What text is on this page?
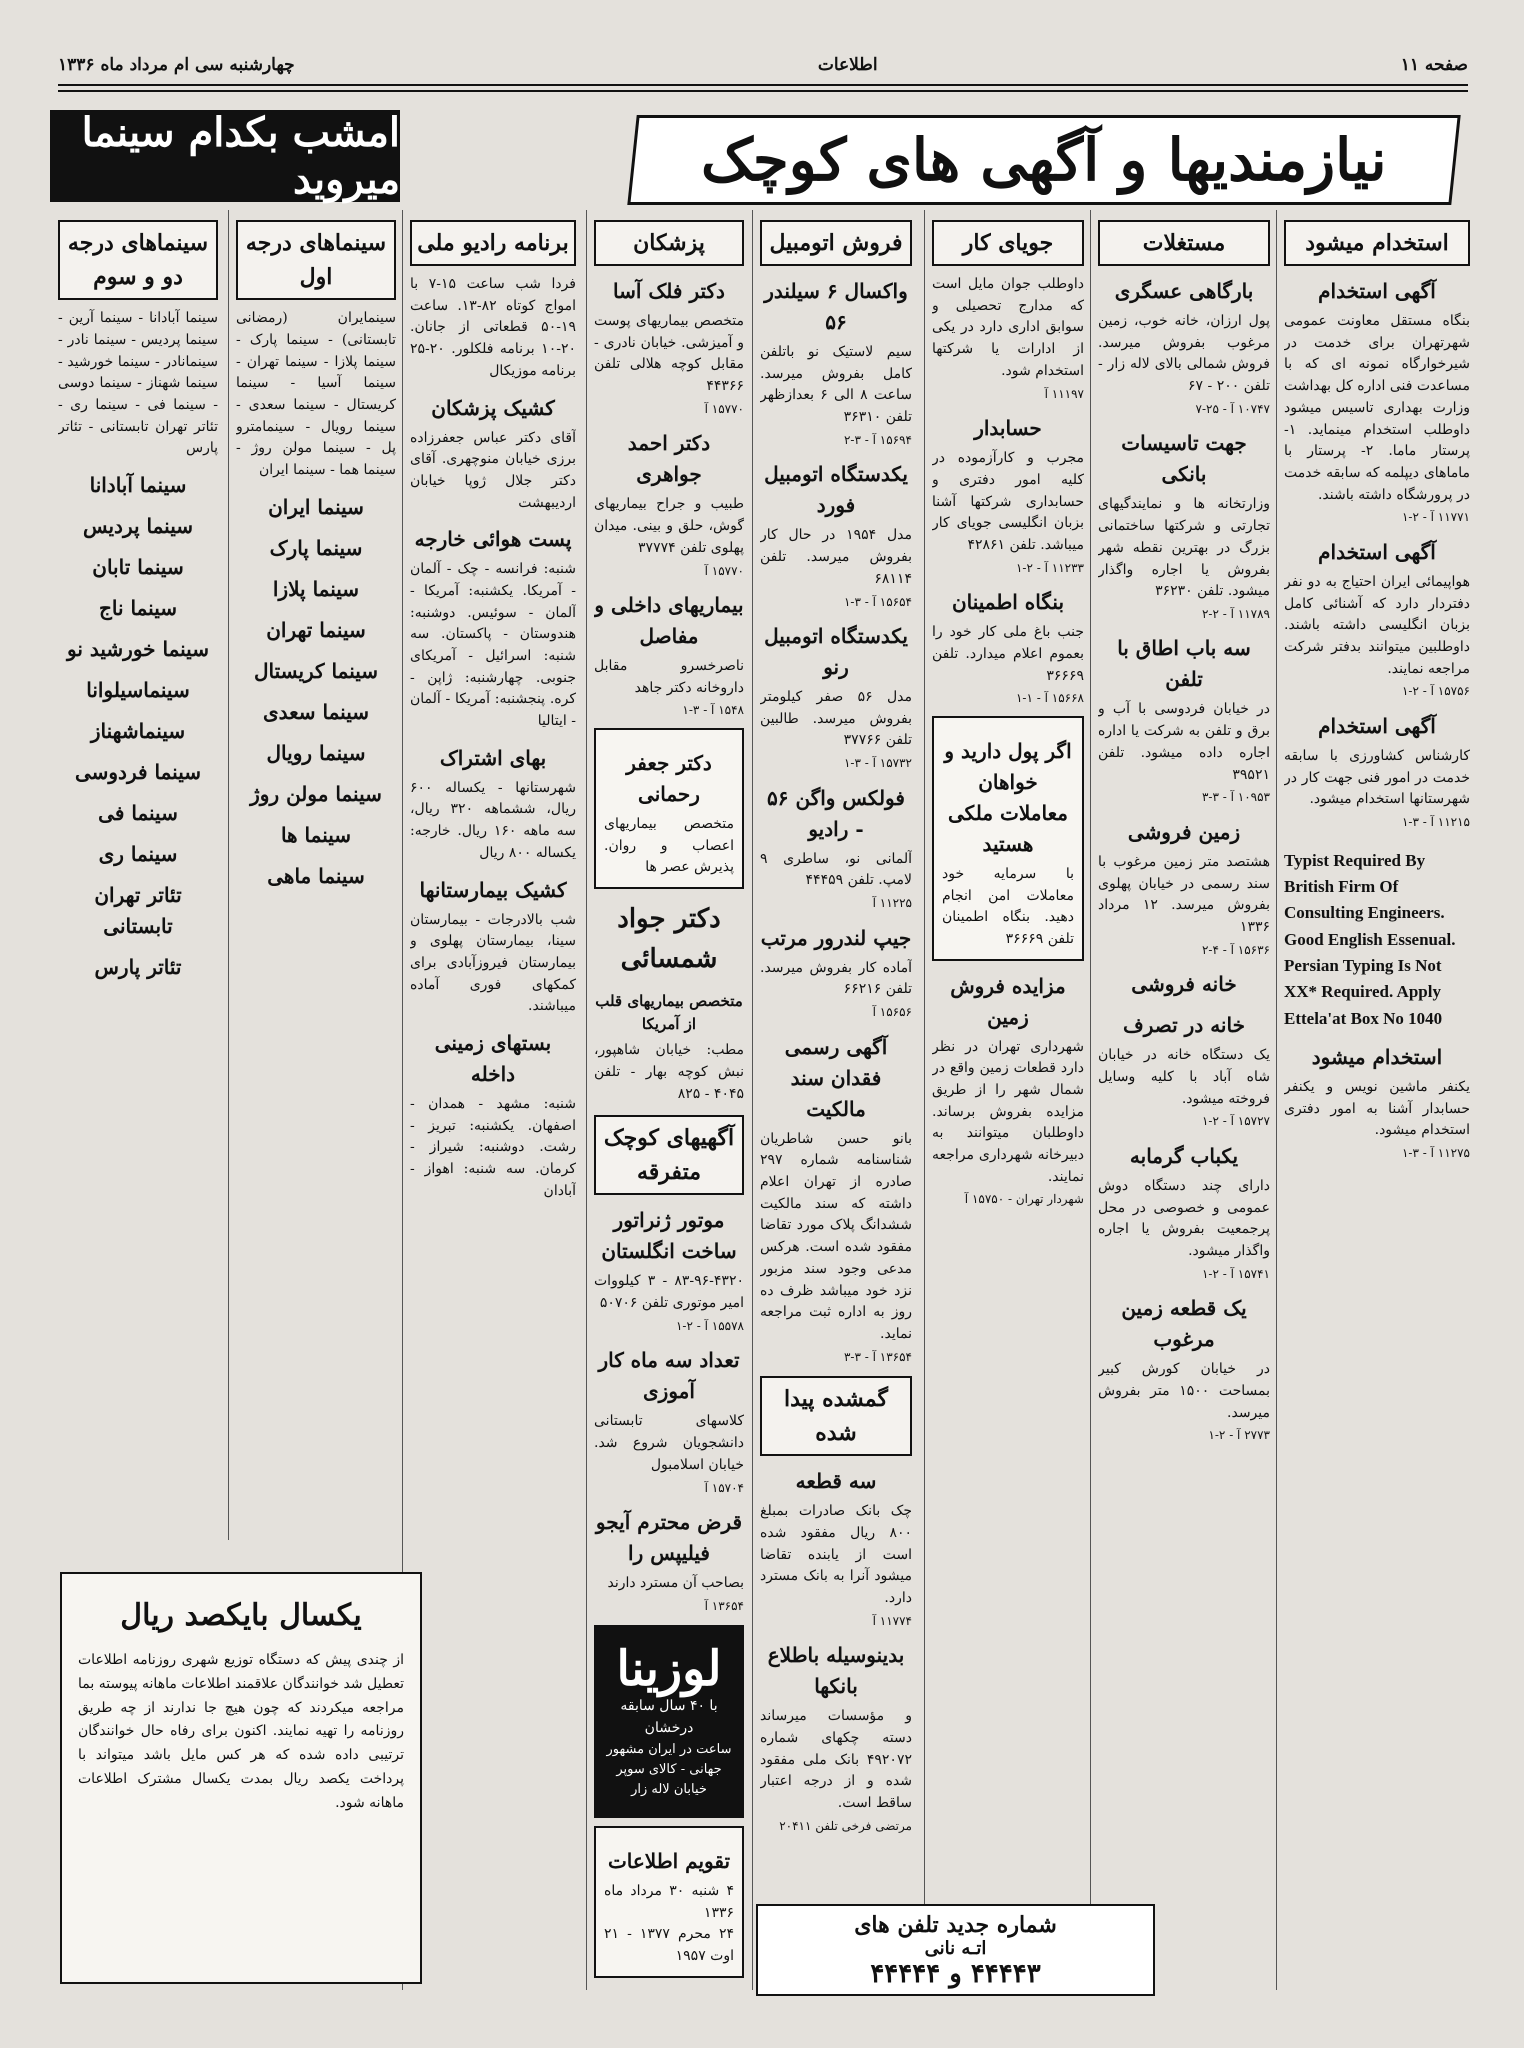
صفحه ۱۱
اطلاعات
چهارشنبه سی ام مرداد ماه ۱۳۳۶
نیازمندیها و آگهی های کوچک
امشب بکدام سینما میروید
استخدام میشود
آگهی استخدام
بنگاه مستقل معاونت عمومی شهرتهران برای خدمت در شیرخوارگاه نمونه ای که با مساعدت فنی اداره کل بهداشت وزارت بهداری تاسیس میشود داوطلب استخدام مینماید. ۱- پرستار ماما. ۲- پرستار با ماماهای دیپلمه که سابقه خدمت در پرورشگاه داشته باشند.
۱۱۷۷۱ آ - ۲-۱
آگهی استخدام
هواپیمائی ایران احتیاج به دو نفر دفتردار دارد که آشنائی کامل بزبان انگلیسی داشته باشند. داوطلبین میتوانند بدفتر شرکت مراجعه نمایند.
۱۵۷۵۶ آ - ۲-۱
آگهی استخدام
کارشناس کشاورزی با سابقه خدمت در امور فنی جهت کار در شهرستانها استخدام میشود.
۱۱۲۱۵ آ - ۳-۱
Typist Required By British Firm Of Consulting Engineers. Good English Essenual. Persian Typing Is Not XX* Required. Apply Ettela'at Box No 1040
استخدام میشود
یکنفر ماشین نویس و یکنفر حسابدار آشنا به امور دفتری استخدام میشود.
۱۱۲۷۵ آ - ۳-۱
مستغلات
بارگاهی عسگری
پول ارزان، خانه خوب، زمین مرغوب بفروش میرسد. فروش شمالی بالای لاله زار - تلفن ۲۰۰ - ۶۷
۱۰۷۴۷ آ - ۲۵-۷
جهت تاسیسات بانکی
وزارتخانه ها و نمایندگیهای تجارتی و شرکتها ساختمانی بزرگ در بهترین نقطه شهر بفروش یا اجاره واگذار میشود. تلفن ۳۶۲۳۰
۱۱۷۸۹ آ - ۲-۲
سه باب اطاق با تلفن
در خیابان فردوسی با آب و برق و تلفن به شرکت یا اداره اجاره داده میشود. تلفن ۳۹۵۲۱
۱۰۹۵۳ آ - ۳-۳
زمین فروشی
هشتصد متر زمین مرغوب با سند رسمی در خیابان پهلوی بفروش میرسد. ۱۲ مرداد ۱۳۳۶
۱۵۶۳۶ آ - ۴-۲
خانه فروشی
خانه در تصرف
یک دستگاه خانه در خیابان شاه آباد با کلیه وسایل فروخته میشود.
۱۵۷۲۷ آ - ۲-۱
یکباب گرمابه
دارای چند دستگاه دوش عمومی و خصوصی در محل پرجمعیت بفروش یا اجاره واگذار میشود.
۱۵۷۴۱ آ - ۲-۱
یک قطعه زمین مرغوب
در خیابان کورش کبیر بمساحت ۱۵۰۰ متر بفروش میرسد.
۲۷۷۳ آ - ۲-۱
جویای کار
داوطلب جوان مایل است که مدارج تحصیلی و سوابق اداری دارد در یکی از ادارات یا شرکتها استخدام شود.
۱۱۱۹۷ آ
حسابدار
مجرب و کارآزموده در کلیه امور دفتری و حسابداری شرکتها آشنا بزبان انگلیسی جویای کار میباشد. تلفن ۴۲۸۶۱
۱۱۲۳۳ آ - ۲-۱
بنگاه اطمینان
جنب باغ ملی کار خود را بعموم اعلام میدارد. تلفن ۳۶۶۶۹
۱۵۶۶۸ آ - ۱-۱
اگر پول دارید و خواهان معاملات ملکی هستید
با سرمایه خود معاملات امن انجام دهید. بنگاه اطمینان تلفن ۳۶۶۶۹
مزایده فروش زمین
شهرداری تهران در نظر دارد قطعات زمین واقع در شمال شهر را از طریق مزایده بفروش برساند. داوطلبان میتوانند به دبیرخانه شهرداری مراجعه نمایند.
شهردار تهران - ۱۵۷۵۰ آ
فروش اتومبیل
واکسال ۶ سیلندر ۵۶
سیم لاستیک نو باتلفن کامل بفروش میرسد. ساعت ۸ الی ۶ بعدازظهر تلفن ۳۶۳۱۰
۱۵۶۹۴ آ - ۳-۲
یکدستگاه اتومبیل فورد
مدل ۱۹۵۴ در حال کار بفروش میرسد. تلفن ۶۸۱۱۴
۱۵۶۵۴ آ - ۳-۱
یکدستگاه اتومبیل رنو
مدل ۵۶ صفر کیلومتر بفروش میرسد. طالبین تلفن ۳۷۷۶۶
۱۵۷۳۲ آ - ۳-۱
فولکس واگن ۵۶ - رادیو
آلمانی نو، ساطری ۹ لامپ. تلفن ۴۴۴۵۹
۱۱۲۲۵ آ
جیپ لندرور مرتب
آماده کار بفروش میرسد. تلفن ۶۶۲۱۶
۱۵۶۵۶ آ
آگهی رسمی فقدان سند مالکیت
بانو حسن شاطریان شناسنامه شماره ۲۹۷ صادره از تهران اعلام داشته که سند مالکیت ششدانگ پلاک مورد تقاضا مفقود شده است. هرکس مدعی وجود سند مزبور نزد خود میباشد ظرف ده روز به اداره ثبت مراجعه نماید.
۱۳۶۵۴ آ - ۳-۳
گمشده پیدا شده
سه قطعه
چک بانک صادرات بمبلغ ۸۰۰ ریال مفقود شده است از یابنده تقاضا میشود آنرا به بانک مسترد دارد.
۱۱۷۷۴ آ
بدینوسیله باطلاع بانکها
و مؤسسات میرساند دسته چکهای شماره ۴۹۲۰۷۲ بانک ملی مفقود شده و از درجه اعتبار ساقط است.
مرتضی فرخی تلفن ۲۰۴۱۱
پزشکان
دکتر فلک آسا
متخصص بیماریهای پوست و آمیزشی. خیابان نادری - مقابل کوچه هلالی تلفن ۴۴۳۶۶
۱۵۷۷۰ آ
دکتر احمد جواهری
طبیب و جراح بیماریهای گوش، حلق و بینی. میدان پهلوی تلفن ۳۷۷۷۴
۱۵۷۷۰ آ
بیماریهای داخلی و مفاصل
ناصرخسرو مقابل داروخانه دکتر جاهد
۱۵۴۸ آ - ۳-۱
دکتر جعفر رحمانی
متخصص بیماریهای اعصاب و روان. پذیرش عصر ها
دکتر جواد شمسائی
متخصص بیماریهای قلب از آمریکا
مطب: خیابان شاهپور، نبش کوچه بهار - تلفن ۴۰۴۵ - ۸۲۵
آگهیهای کوچک متفرقه
موتور ژنراتور ساخت انگلستان
۸۳-۹۶-۴۳۲۰ - ۳ کیلووات امیر موتوری تلفن ۵۰۷۰۶
۱۵۵۷۸ آ - ۲-۱
تعداد سه ماه کار آموزی
کلاسهای تابستانی دانشجویان شروع شد. خیابان اسلامبول
۱۵۷۰۴ آ
قرض محترم آیجو فیلیپس را
بصاحب آن مسترد دارند
۱۳۶۵۴ آ
لوزینا
با ۴۰ سال سابقه درخشان
ساعت در ایران مشهور جهانی - کالای سوپر خیابان لاله زار
تقویم اطلاعات
۴ شنبه ۳۰ مرداد ماه ۱۳۳۶
۲۴ محرم ۱۳۷۷ - ۲۱ اوت ۱۹۵۷
برنامه رادیو ملی
فردا شب ساعت ۱۵-۷ با امواج کوتاه ۸۲-۱۳. ساعت ۱۹-۵۰ قطعاتی از جانان. ۲۰-۱۰ برنامه فلکلور. ۲۰-۲۵ برنامه موزیکال
کشیک پزشکان
آقای دکتر عباس جعفرزاده برزی خیابان منوچهری. آقای دکتر جلال ژوپا خیابان اردیبهشت
پست هوائی خارجه
شنبه: فرانسه - چک - آلمان - آمریکا. یکشنبه: آمریکا - آلمان - سوئیس. دوشنبه: هندوستان - پاکستان. سه شنبه: اسرائیل - آمریکای جنوبی. چهارشنبه: ژاپن - کره. پنجشنبه: آمریکا - آلمان - ایتالیا
بهای اشتراک
شهرستانها - یکساله ۶۰۰ ریال، ششماهه ۳۲۰ ریال، سه ماهه ۱۶۰ ریال. خارجه: یکساله ۸۰۰ ریال
کشیک بیمارستانها
شب بالادرجات - بیمارستان سینا، بیمارستان پهلوی و بیمارستان فیروزآبادی برای کمکهای فوری آماده میباشند.
بستهای زمینی داخله
شنبه: مشهد - همدان - اصفهان. یکشنبه: تبریز - رشت. دوشنبه: شیراز - کرمان. سه شنبه: اهواز - آبادان
سینماهای درجه اول
سینمایران (رمضانی تابستانی) - سینما پارک - سینما پلازا - سینما تهران - سینما آسیا - سینما کریستال - سینما سعدی - سینما رویال - سینمامترو پل - سینما مولن روژ - سینما هما - سینما ایران
سینما ایران
سینما پارک
سینما پلازا
سینما تهران
سینما کریستال
سینما سعدی
سینما رویال
سینما مولن روژ
سینما ها
سینما ماهی
سینماهای درجه دو و سوم
سینما آبادانا - سینما آرین - سینما پردیس - سینما نادر - سینمانادر - سینما خورشید - سینما شهناز - سینما دوسی - سینما فی - سینما ری - تئاتر تهران تابستانی - تئاتر پارس
سینما آبادانا
سینما پردیس
سینما تابان
سینما ناج
سینما خورشید نو
سینماسیلوانا
سینماشهناز
سینما فردوسی
سینما فی
سینما ری
تئاتر تهران تابستانی
تئاتر پارس
یکسال بایکصد ریال
از چندی پیش که دستگاه توزیع شهری روزنامه اطلاعات تعطیل شد خوانندگان علاقمند اطلاعات ماهانه پیوسته بما مراجعه میکردند که چون هیچ جا ندارند از چه طریق روزنامه را تهیه نمایند. اکنون برای رفاه حال خوانندگان ترتیبی داده شده که هر کس مایل باشد میتواند با پرداخت یکصد ریال بمدت یکسال مشترک اطلاعات ماهانه شود.
شماره جدید تلفن های
اتـه نانی
۴۴۴۴۳ و ۴۴۴۴۴
